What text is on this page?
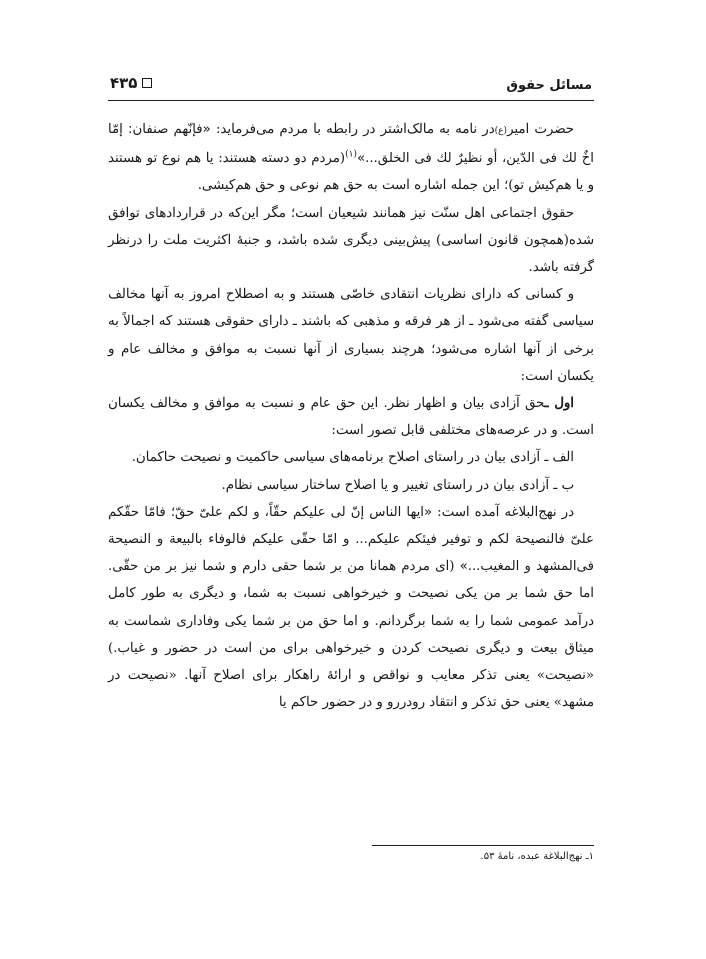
مسائل حقوق
۴۳۵

حضرت امیر(ع)در نامه به مالک‌اشتر در رابطه با مردم می‌فرماید: «فإنّهم صنفان: إمّا اخٌ لك فی الدّین، أو نظیرٌ لك فی الخلق...»$^{(۱)}$(مردم دو دسته هستند: یا هم نوع تو هستند و یا هم‌کیش تو)؛ این جمله اشاره است به حق هم نوعی و حق هم‌کیشی.

حقوق اجتماعی اهل سنّت نیز همانند شیعیان است؛ مگر این‌که در قراردادهای توافق شده(همچون قانون اساسی) پیش‌بینی دیگری شده باشد، و جنبهٔ اکثریت ملت را درنظر گرفته باشد.

و کسانی که دارای نظریات انتقادی خاصّی هستند و به اصطلاح امروز به آنها مخالف سیاسی گفته می‌شود ـ از هر فرقه و مذهبی که باشند ـ دارای حقوقی هستند که اجمالاً به برخی از آنها اشاره می‌شود؛ هرچند بسیاری از آنها نسبت به موافق و مخالف عام و یکسان است:

اول ـحق آزادی بیان و اظهار نظر. این حق عام و نسبت به موافق و مخالف یکسان است. و در عرصه‌های مختلفی قابل تصور است:

الف ـ آزادی بیان در راستای اصلاح برنامه‌های سیاسی حاکمیت و نصیحت حاکمان.

ب ـ آزادی بیان در راستای تغییر و یا اصلاح ساختار سیاسی نظام.

در نهج‌البلاغه آمده است: «ایها الناس إنّ لی علیکم حقّاً، و لکم علیّ حقّ؛ فامّا حقّکم علیّ فالنصیحة لکم و توفیر فیئکم علیکم... و امّا حقّی علیکم فالوفاء بالبیعة و النصیحة فی‌المشهد و المغیب...» (ای مردم همانا من بر شما حقی دارم و شما نیز بر من حقّی. اما حق شما بر من یکی نصیحت و خیرخواهی نسبت به شما، و دیگری به طور کامل درآمد عمومی شما را به شما برگردانم. و اما حق من بر شما یکی وفاداری شماست به میثاق بیعت و دیگری نصیحت کردن و خیرخواهی برای من است در حضور و غیاب.) «نصیحت» یعنی تذکر معایب و نواقص و ارائهٔ راهکار برای اصلاح آنها. «نصیحت در مشهد» یعنی حق تذکر و انتقاد رودررو و در حضور حاکم یا

۱ـ نهج‌البلاغة عبده، نامهٔ ۵۳.
